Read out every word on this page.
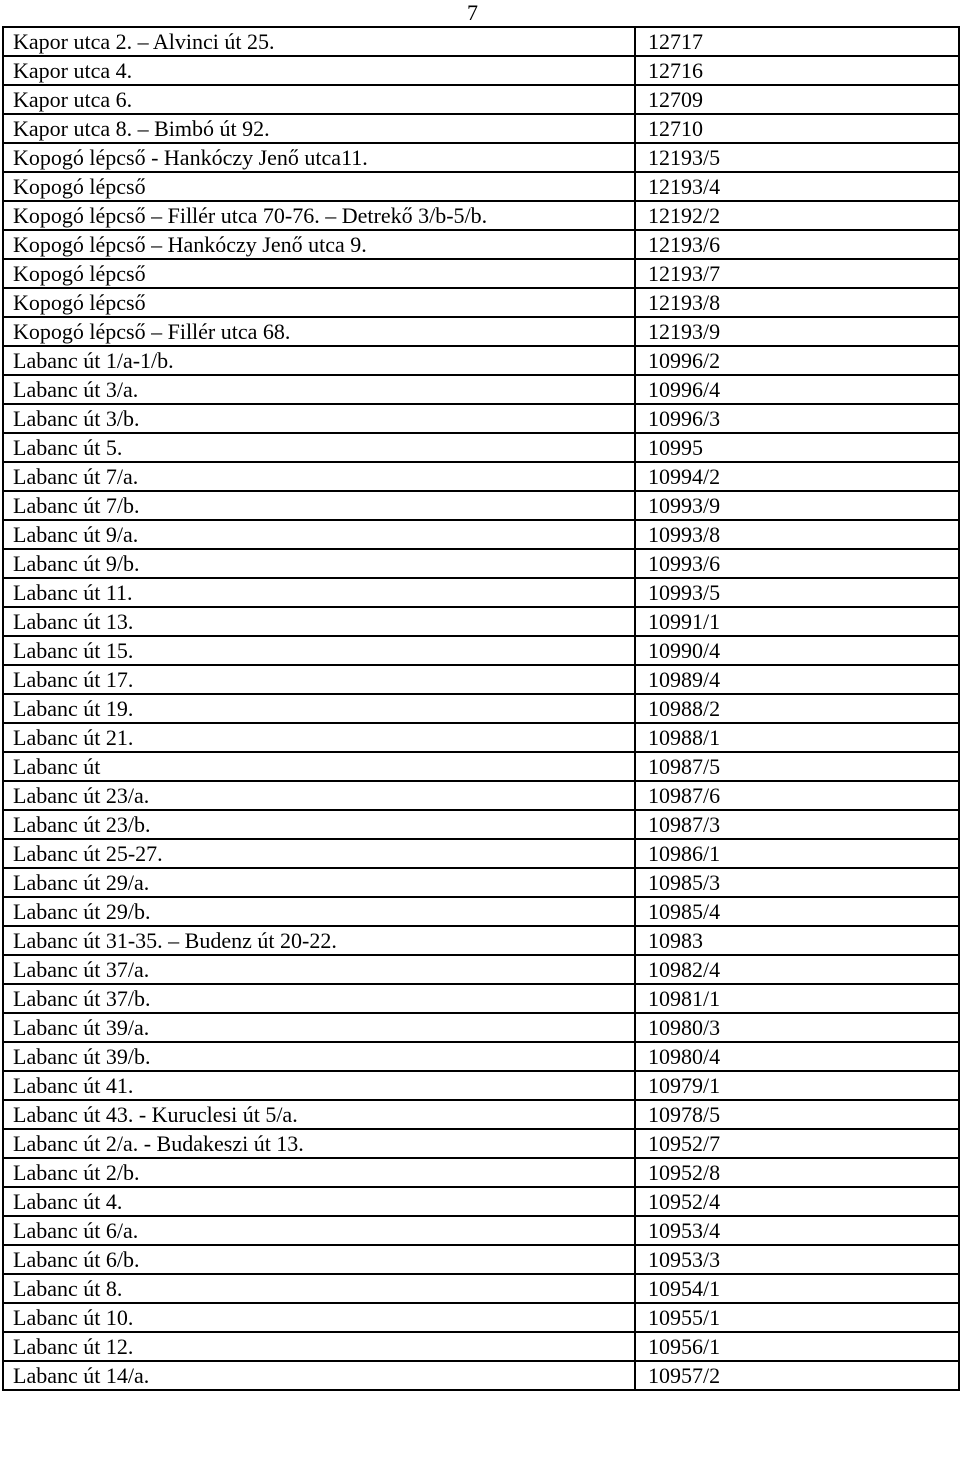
7
Kapor utca 2. – Alvinci út 25.	12717
Kapor utca 4.	12716
Kapor utca 6.	12709
Kapor utca 8. – Bimbó út 92.	12710
Kopogó lépcső - Hankóczy Jenő utca11.	12193/5
Kopogó lépcső	12193/4
Kopogó lépcső – Fillér utca 70-76. – Detrekő 3/b-5/b.	12192/2
Kopogó lépcső – Hankóczy Jenő utca 9.	12193/6
Kopogó lépcső	12193/7
Kopogó lépcső	12193/8
Kopogó lépcső – Fillér utca 68.	12193/9
Labanc út 1/a-1/b.	10996/2
Labanc út 3/a.	10996/4
Labanc út 3/b.	10996/3
Labanc út 5.	10995
Labanc út 7/a.	10994/2
Labanc út 7/b.	10993/9
Labanc út 9/a.	10993/8
Labanc út 9/b.	10993/6
Labanc út 11.	10993/5
Labanc út 13.	10991/1
Labanc út 15.	10990/4
Labanc út 17.	10989/4
Labanc út 19.	10988/2
Labanc út 21.	10988/1
Labanc út	10987/5
Labanc út 23/a.	10987/6
Labanc út 23/b.	10987/3
Labanc út 25-27.	10986/1
Labanc út 29/a.	10985/3
Labanc út 29/b.	10985/4
Labanc út 31-35. – Budenz út 20-22.	10983
Labanc út 37/a.	10982/4
Labanc út 37/b.	10981/1
Labanc út 39/a.	10980/3
Labanc út 39/b.	10980/4
Labanc út 41.	10979/1
Labanc út 43. - Kuruclesi út 5/a.	10978/5
Labanc út 2/a. - Budakeszi út 13.	10952/7
Labanc út 2/b.	10952/8
Labanc út 4.	10952/4
Labanc út 6/a.	10953/4
Labanc út 6/b.	10953/3
Labanc út 8.	10954/1
Labanc út 10.	10955/1
Labanc út 12.	10956/1
Labanc út 14/a.	10957/2
